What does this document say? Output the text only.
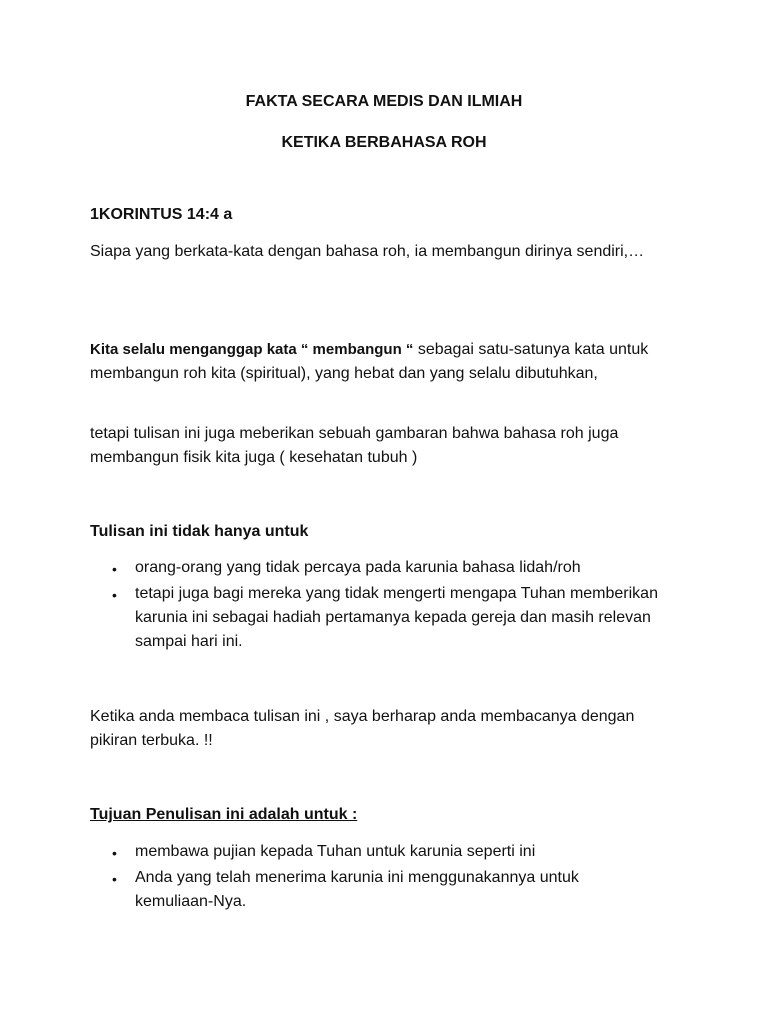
FAKTA SECARA MEDIS DAN ILMIAH
KETIKA BERBAHASA ROH
1KORINTUS 14:4 a
Siapa yang berkata-kata dengan bahasa roh, ia membangun dirinya sendiri,…
Kita selalu menganggap kata “ membangun “ sebagai satu-satunya kata untuk membangun roh kita (spiritual), yang hebat dan yang selalu dibutuhkan,
tetapi tulisan ini juga meberikan sebuah gambaran bahwa bahasa roh juga membangun fisik kita juga ( kesehatan tubuh )
Tulisan ini tidak hanya untuk
• orang-orang yang tidak percaya pada karunia bahasa lidah/roh
• tetapi juga bagi mereka yang tidak mengerti mengapa Tuhan memberikan karunia ini sebagai hadiah pertamanya kepada gereja dan masih relevan sampai hari ini.
Ketika anda membaca tulisan ini , saya berharap anda membacanya dengan pikiran terbuka. !!
Tujuan Penulisan ini adalah untuk :
• membawa pujian kepada Tuhan untuk karunia seperti ini
• Anda yang telah menerima karunia ini menggunakannya untuk kemuliaan-Nya.
